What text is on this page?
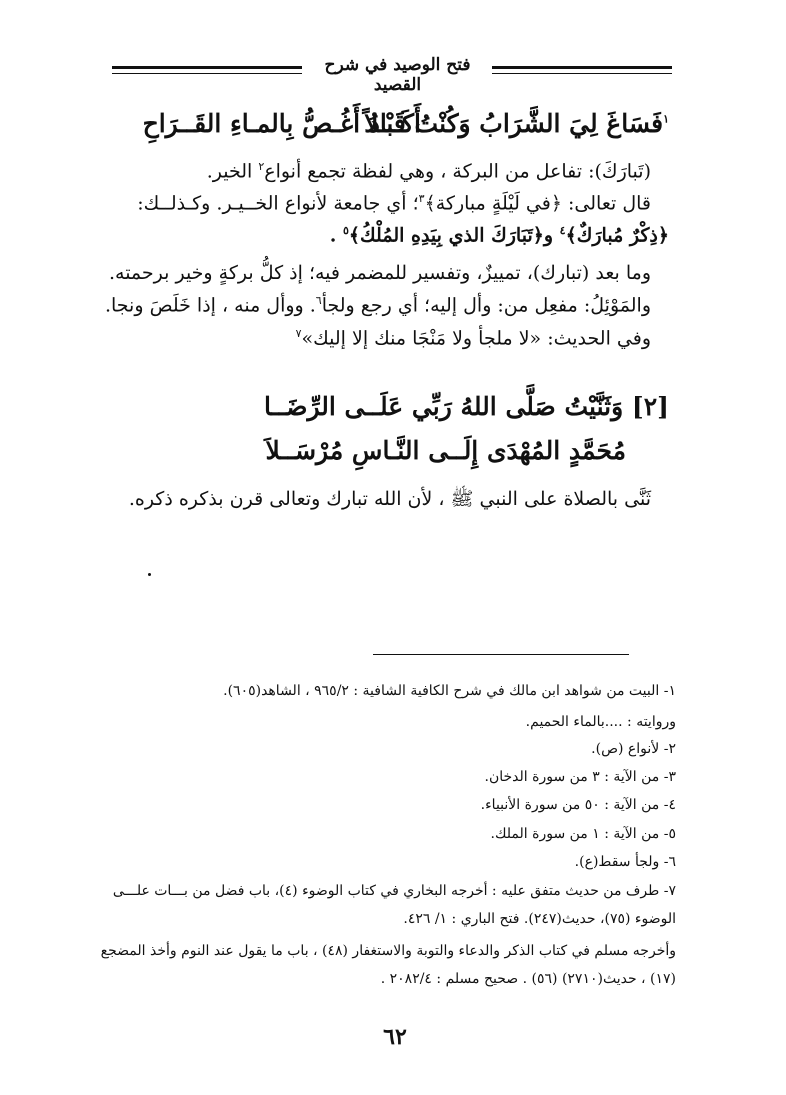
فتح الوصيد في شرح القصيد
$^١$فَسَاغَ لِيَ الشَّرَابُ وَكُنْتُ قَبْـلاً
أَكَــادُ أَغُـصُّ بِالمـاءِ القَــرَاحِ
(تَبارَكَ): تفاعل من البركة ، وهي لفظة تجمع أنواع$^٢$ الخير.
قال تعالى: ﴿في لَيْلَةٍ مباركة﴾$^٣$؛ أي جامعة لأنواع الخــيـر. وكـذلــك:
﴿ذِكْرٌ مُبارَكٌ﴾$^٤$ و﴿تَبَارَكَ الذي بِيَدِهِ المُلْكُ﴾$^٥$ .
وما بعد (تبارك)، تمييزٌ، وتفسير للمضمر فيه؛ إذ كلُّ بركةٍ وخير برحمته.
والمَوْئِلُ: مفعِل من: وأل إليه؛ أي رجع ولجأ$^٦$. ووأل منه ، إذا خَلَصَ ونجا.
وفي الحديث: «لا ملجأ ولا مَنْجَا منك إلا إليك»$^٧$
[٢] وَثَنَّيْتُ صَلَّى اللهُ رَبِّي عَلَــى الرِّضَــا
مُحَمَّدٍ المُهْدَى إِلَــى النَّـاسِ مُرْسَــلاَ
ثَنَّى بالصلاة على النبي ﷺ ، لأن الله تبارك وتعالى قرن بذكره ذكره.
١- البيت من شواهد ابن مالك في شرح الكافية الشافية : ٩٦٥/٢ ، الشاهد(٦٠٥).
وروايته : ....بالماء الحميم.
٢- لأنواع (ص).
٣- من الآية : ٣ من سورة الدخان.
٤- من الآية : ٥٠ من سورة الأنبياء.
٥- من الآية : ١ من سورة الملك.
٦- ولجأ سقط(ع).
٧- طرف من حديث متفق عليه : أخرجه البخاري في كتاب الوضوء (٤)، باب فضل من بـــات علـــى
الوضوء (٧٥)، حديث(٢٤٧). فتح الباري : ١/ ٤٢٦.
وأخرجه مسلم في كتاب الذكر والدعاء والتوبة والاستغفار (٤٨) ، باب ما يقول عند النوم وأخذ المضجع
(١٧) ، حديث(٢٧١٠) (٥٦) . صحيح مسلم : ٢٠٨٢/٤ .
٦٢
